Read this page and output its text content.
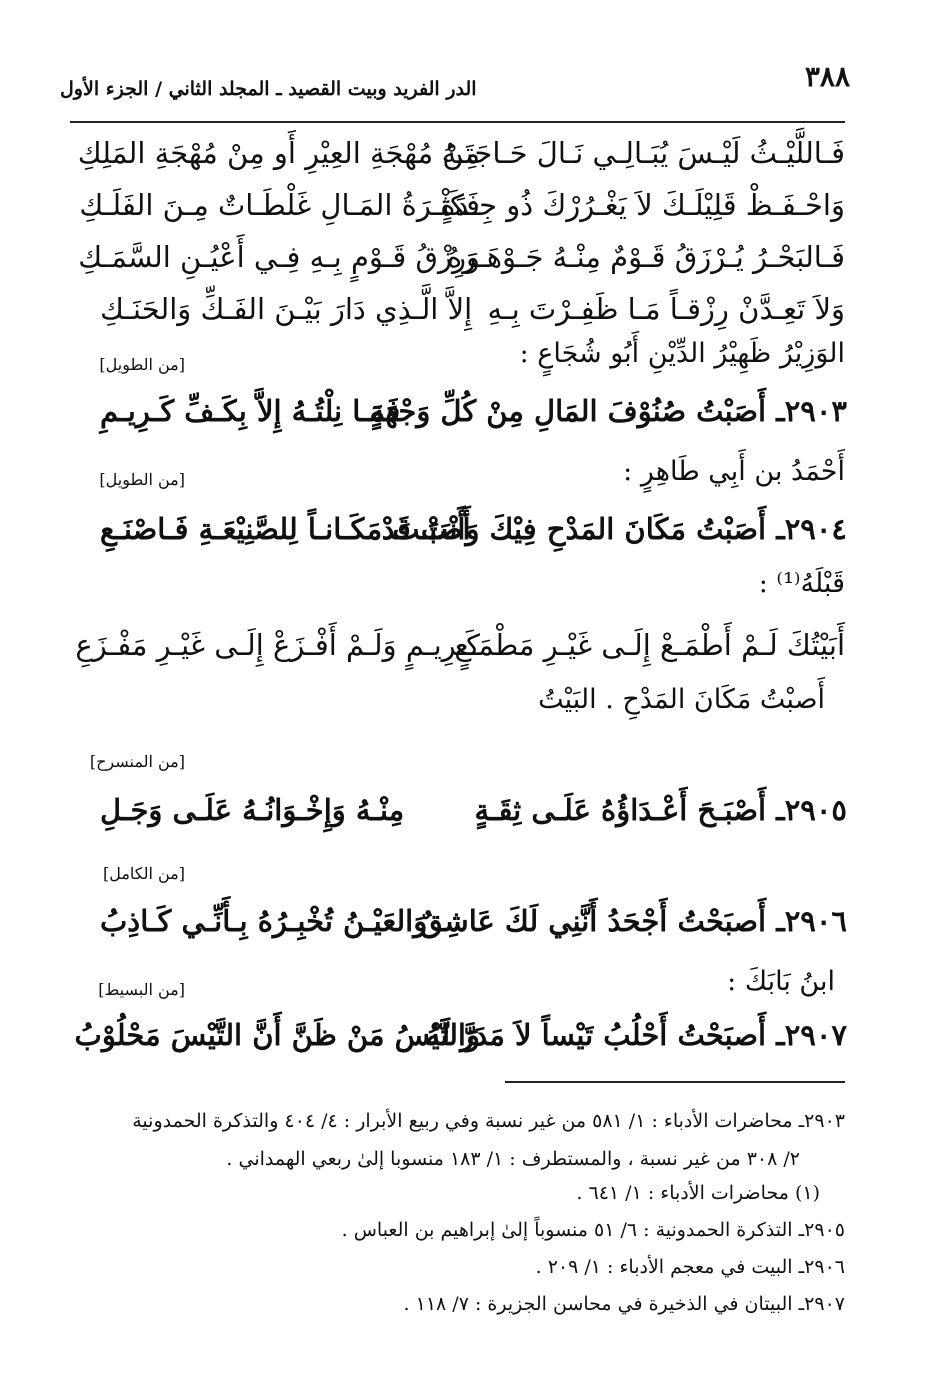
٣٨٨
الدر الفريد وبيت القصيد ـ المجلد الثاني / الجزء الأول
فَـاللَّيْـثُ لَيْـسَ يُبَـالِـي نَـالَ حَـاجَتَـهُ
مِنْ مُهْجَةِ العِيْرِ أَو مِنْ مُهْجَةِ المَلِكِ
وَاحْـفَـظْ قَلِيْلَـكَ لاَ يَغْـرُرْكَ ذُو جِـدَةٍ
فَكَثْـرَةُ المَـالِ غَلْطَـاتٌ مِـنَ الفَلَـكِ
فَـالبَحْـرُ يُـرْزَقُ قَـوْمٌ مِنْـهُ جَـوْهَـرَهُ
وَرِزْقُ قَـوْمٍ بِـهِ فِـي أَعْيُـنِ السَّمَـكِ
وَلاَ تَعِـدَّنْ رِزْقـاً مَـا ظَفِـرْتَ بِـهِ
إِلاَّ الَّـذِي دَارَ بَيْـنَ الفَـكِّ وَالحَنَـكِ
الوَزِيْرُ ظَهِيْرُ الدِّيْنِ أَبُو شُجَاعٍ :
[من الطويل]
٢٩٠٣ـ أَصَبْتُ صُنُوْفَ المَالِ مِنْ كُلِّ وَجْهَةٍ
فَمَـا نِلْتُـهُ إِلاَّ بِكَـفِّ كَـرِيـمِ
أَحْمَدُ بن أَبِي طَاهِرٍ :
[من الطويل]
٢٩٠٤ـ أَصَبْتُ مَكَانَ المَدْحِ فِيْكَ وَأَنْتَ قَدْ
أَصَبْـتَ مَكَـانـاً لِلصَّنِيْعَـةِ فَـاصْنَـعِ
قَبْلَهُ⁽¹⁾ :
أَبَيْتُكَ لَـمْ أَطْمَـعْ إِلَـى غَيْـرِ مَطْمَـعٍ
كَـرِيـمٍ وَلَـمْ أَفْـزَعْ إِلَـى غَيْـرِ مَفْـزَعِ
أَصبْتُ مَكَانَ المَدْحِ . البَيْتُ
[من المنسرح]
٢٩٠٥ـ أَصْبَـحَ أَعْـدَاؤُهُ عَلَـى ثِقَـةٍ
مِنْـهُ وَإِخْـوَانُـهُ عَلَـى وَجَـلِ
[من الكامل]
٢٩٠٦ـ أَصبَحْتُ أَجْحَدُ أَنَّنِي لَكَ عَاشِقٌ
وَالعَيْـنُ تُخْبِـرُهُ بِـأَنِّـي كَـاذِبُ
ابنُ بَابَكَ :
[من البسيط]
٢٩٠٧ـ أَصبَحْتُ أَحْلُبُ تَيْساً لاَ مَدَرَّ لَهُ
وَالتَّيْسُ مَنْ ظَنَّ أَنَّ التَّيْسَ مَحْلُوْبُ
٢٩٠٣ـ محاضرات الأدباء : ١/ ٥٨١ من غير نسبة وفي ربيع الأبرار : ٤/ ٤٠٤ والتذكرة الحمدونية
٢/ ٣٠٨ من غير نسبة ، والمستطرف : ١/ ١٨٣ منسوبا إلىٰ ربعي الهمداني .
(١) محاضرات الأدباء : ١/ ٦٤١ .
٢٩٠٥ـ التذكرة الحمدونية : ٦/ ٥١ منسوباً إلىٰ إبراهيم بن العباس .
٢٩٠٦ـ البيت في معجم الأدباء : ١/ ٢٠٩ .
٢٩٠٧ـ البيتان في الذخيرة في محاسن الجزيرة : ٧/ ١١٨ .
